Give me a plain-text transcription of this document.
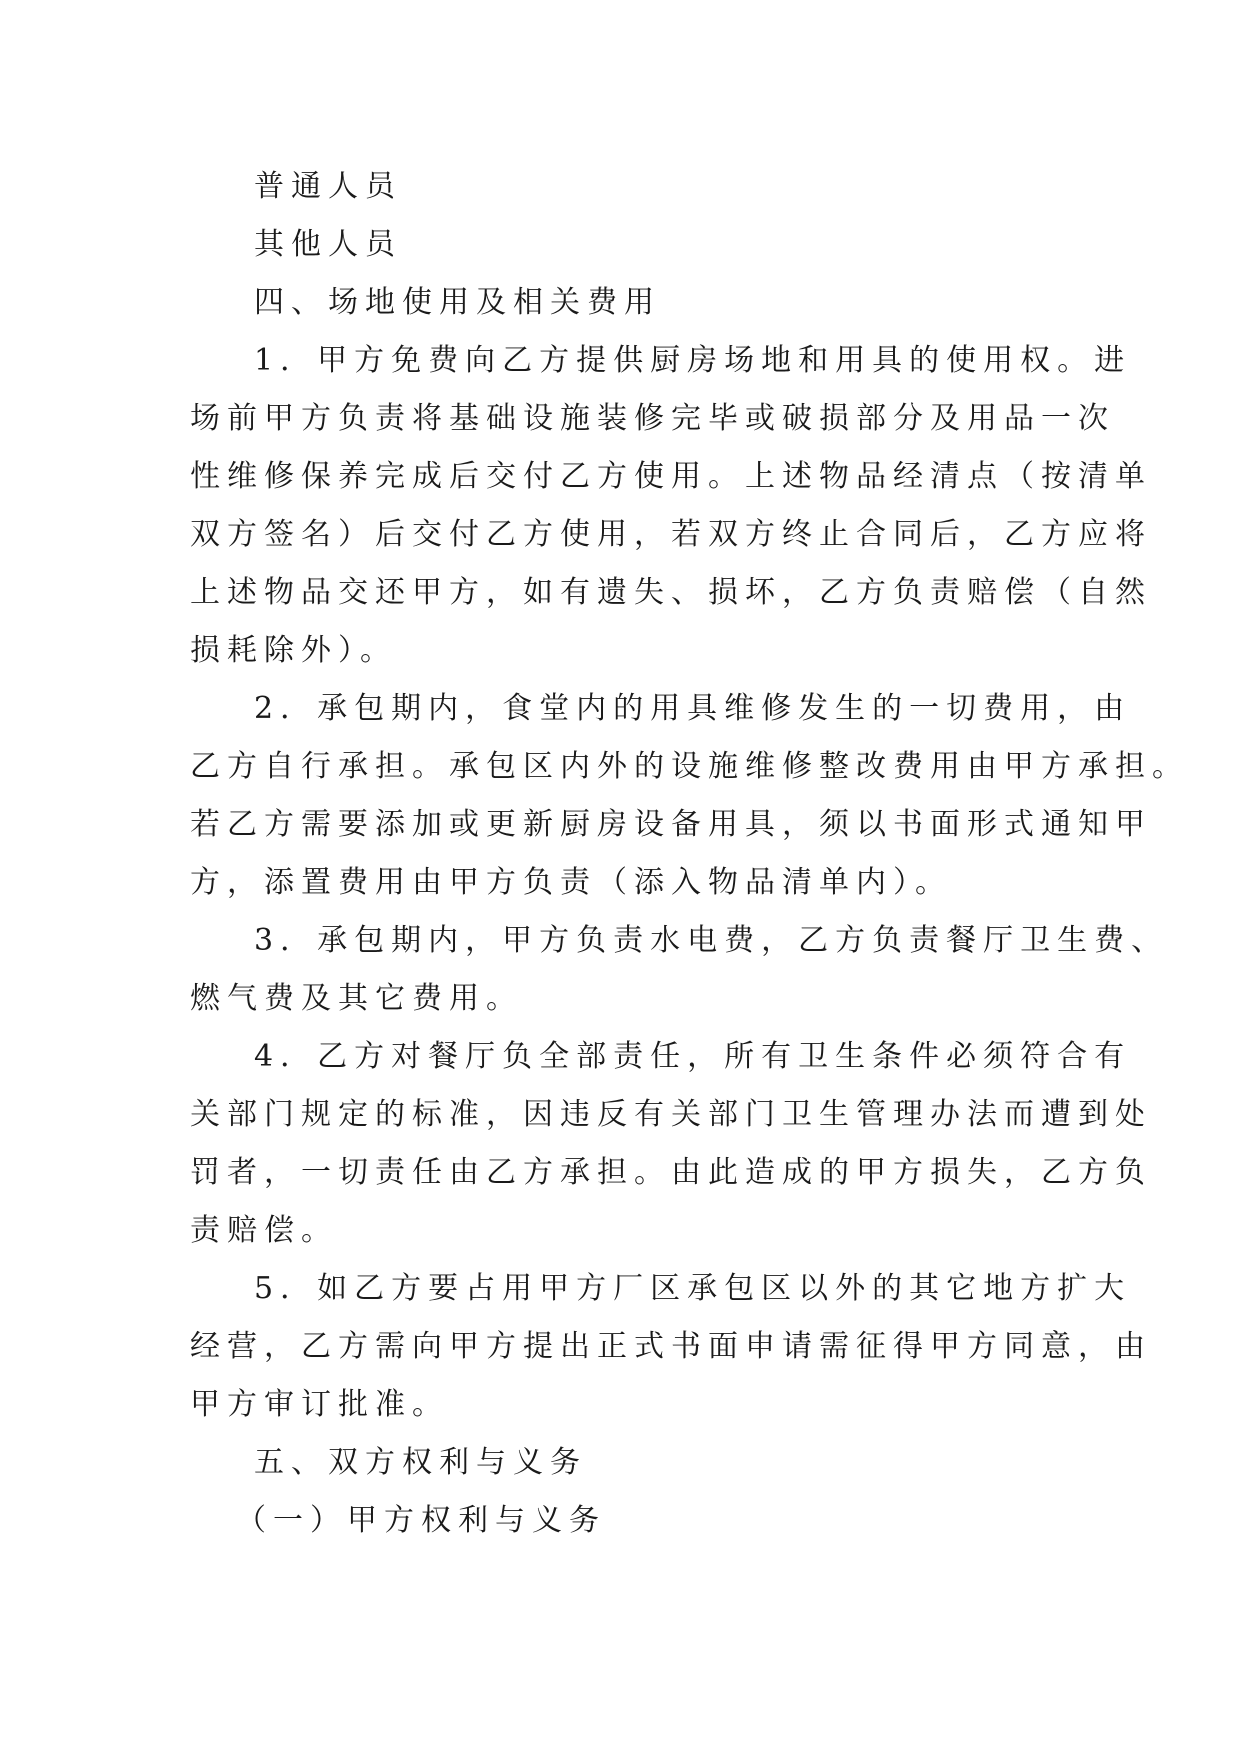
普通人员
其他人员
四、场地使用及相关费用
1．甲方免费向乙方提供厨房场地和用具的使用权。进
场前甲方负责将基础设施装修完毕或破损部分及用品一次
性维修保养完成后交付乙方使用。上述物品经清点（按清单
双方签名）后交付乙方使用，若双方终止合同后，乙方应将
上述物品交还甲方，如有遗失、损坏，乙方负责赔偿（自然
损耗除外）。
2．承包期内，食堂内的用具维修发生的一切费用，由
乙方自行承担。承包区内外的设施维修整改费用由甲方承担。
若乙方需要添加或更新厨房设备用具，须以书面形式通知甲
方，添置费用由甲方负责（添入物品清单内）。
3．承包期内，甲方负责水电费，乙方负责餐厅卫生费、
燃气费及其它费用。
4．乙方对餐厅负全部责任，所有卫生条件必须符合有
关部门规定的标准，因违反有关部门卫生管理办法而遭到处
罚者，一切责任由乙方承担。由此造成的甲方损失，乙方负
责赔偿。
5．如乙方要占用甲方厂区承包区以外的其它地方扩大
经营，乙方需向甲方提出正式书面申请需征得甲方同意，由
甲方审订批准。
五、双方权利与义务
（一）甲方权利与义务
